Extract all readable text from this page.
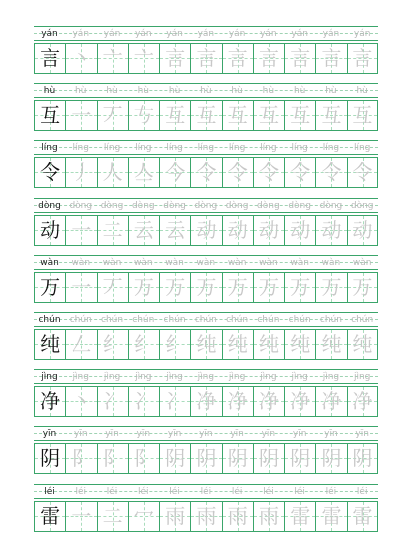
yán	yán	yán	yán	yán	yán	yán	yán	yán	yán	yán
言 丶 亠 亠 言 言 言 言 言 言 言
hù	hù	hù	hù	hù	hù	hù	hù	hù	hù	hù
互 一 丆 𠀁 互 互 互 互 互 互 互
líng	líng	líng	líng	líng	líng	líng	líng	líng	líng	líng
令 丿 人 亼 今 令 令 令 令 令 令
dòng dòng dòng dòng dòng dòng dòng dòng dòng dòng dòng
动 一 二 云 云 动 动 动 动 动 动
wàn	wàn	wàn	wàn	wàn	wàn	wàn	wàn	wàn	wàn	wàn
万 一 丆 万 万 万 万 万 万 万 万
chún	chún	chún	chún	chún	chún	chún	chún	chún	chún	chún
纯 𠃋 纟 纟 纟 纯 纯 纯 纯 纯 纯
jìng	jìng	jìng	jìng	jìng	jìng	jìng	jìng	jìng	jìng	jìng
净 丶 冫 冫 冫 净 净 净 净 净 净
yīn	yīn	yīn	yīn	yīn	yīn	yīn	yīn	yīn	yīn	yīn
阴 阝 阝 阝 阴 阴 阴 阴 阴 阴 阴
léi	léi	léi	léi	léi	léi	léi	léi	léi	léi	léi
雷 一 二 冖 雨 雨 雨 雨 雷 雷 雷
